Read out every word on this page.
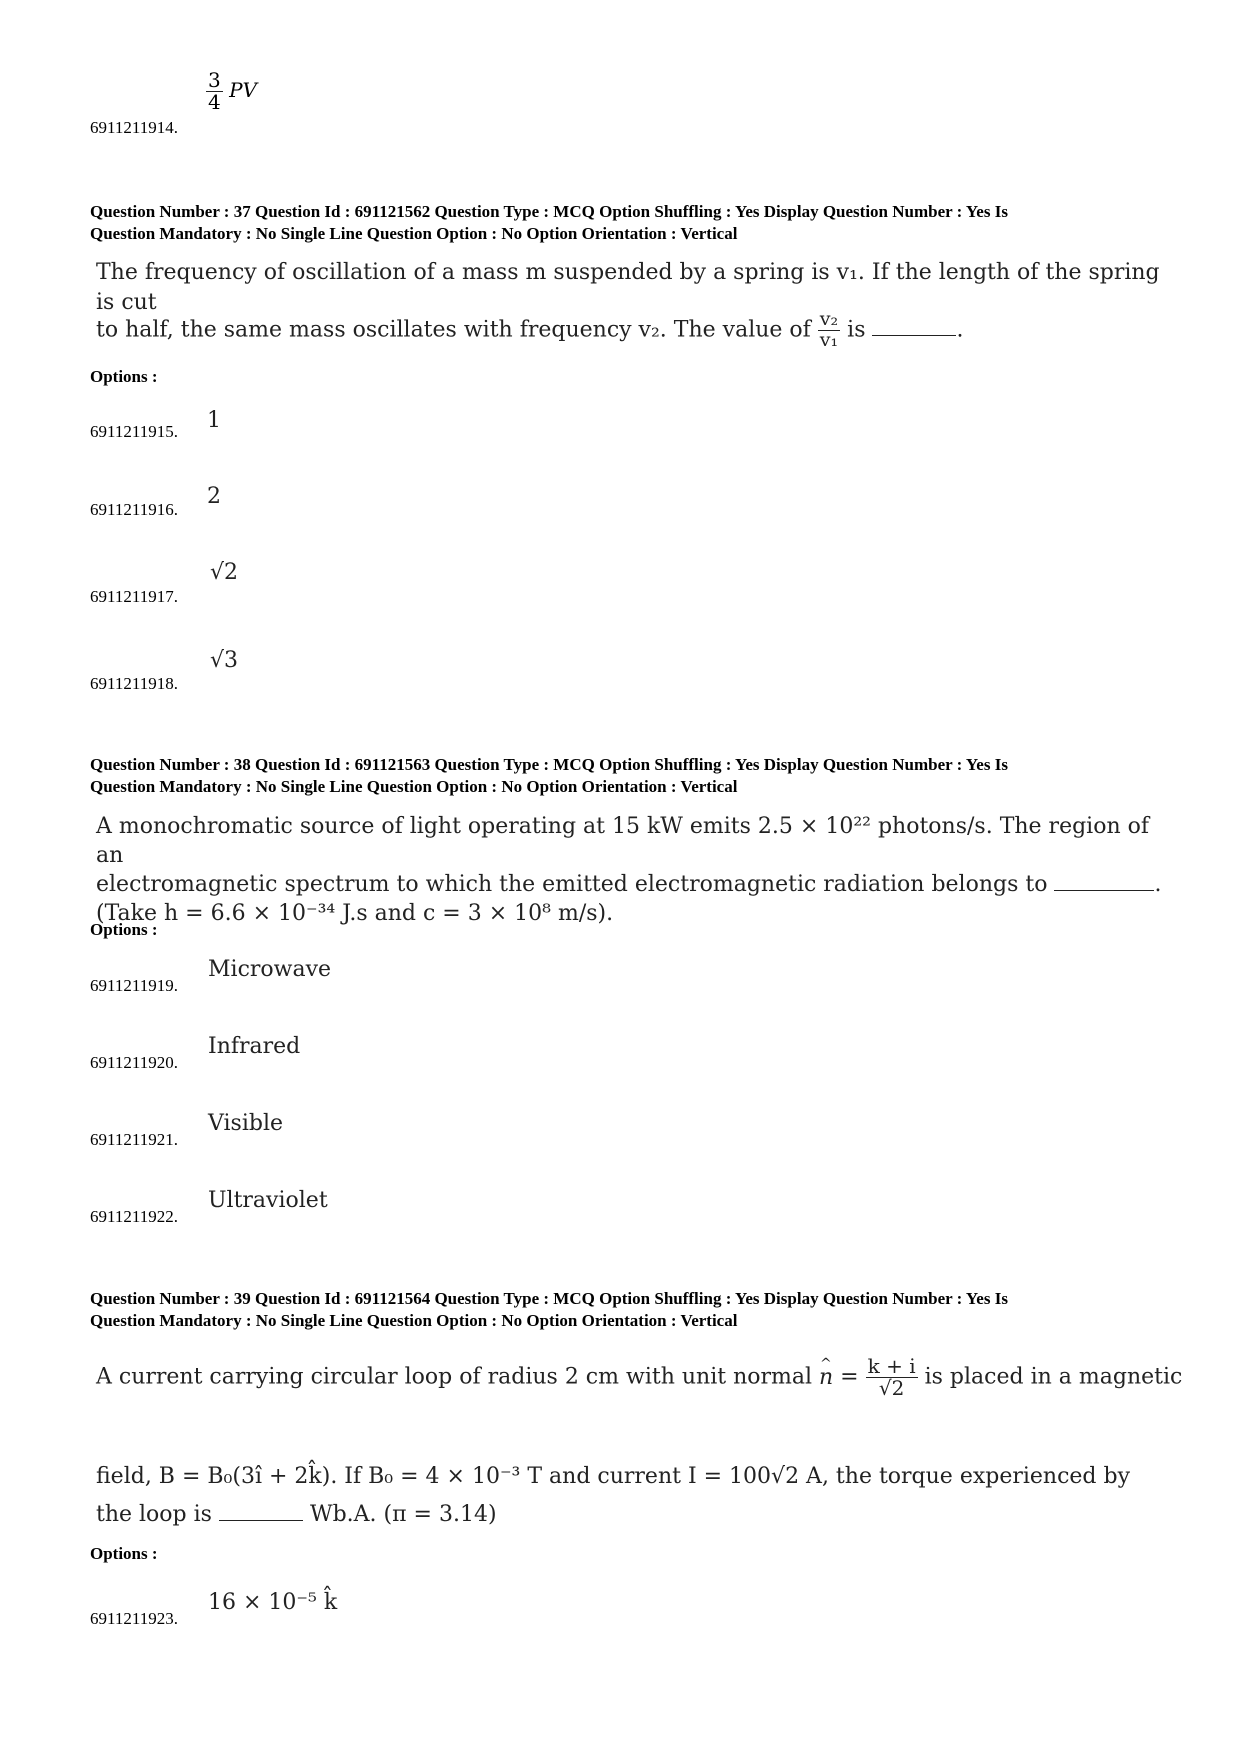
6911211914.
$\frac{3}{4}$ PV
Question Number : 37 Question Id : 691121562 Question Type : MCQ Option Shuffling : Yes Display Question Number : Yes Is
Question Mandatory : No Single Line Question Option : No Option Orientation : Vertical
The frequency of oscillation of a mass m suspended by a spring is v₁. If the length of the spring is cut
to half, the same mass oscillates with frequency v₂. The value of $\frac{\text{v₂}}{\text{v₁}}$ is	.
Options :
6911211915. 1
6911211916.
2
6911211917.
√2
6911211918.
√3
Question Number : 38 Question Id : 691121563 Question Type : MCQ Option Shuffling : Yes Display Question Number : Yes Is
Question Mandatory : No Single Line Question Option : No Option Orientation : Vertical
A monochromatic source of light operating at 15 kW emits 2.5 × 10²² photons/s. The region of an
electromagnetic spectrum to which the emitted electromagnetic radiation belongs to	.
(Take h = 6.6 × 10⁻³⁴ J.s and c = 3 × 10⁸ m/s).
Options :
6911211919.
Microwave
6911211920.
Infrared
6911211921.
Visible
6911211922.
Ultraviolet
Question Number : 39 Question Id : 691121564 Question Type : MCQ Option Shuffling : Yes Display Question Number : Yes Is
Question Mandatory : No Single Line Question Option : No Option Orientation : Vertical
A current carrying circular loop of radius 2 cm with unit normal ^ $n = \frac{k + i}{√2}$ is placed in a magnetic
field, B = B₀(3î + 2k̂). If B₀ = 4 × 10⁻³ T and current I = 100√2 A, the torque experienced by
the loop is	Wb.A. (π = 3.14)
Options :
6911211923.
16 × 10⁻⁵ k̂
